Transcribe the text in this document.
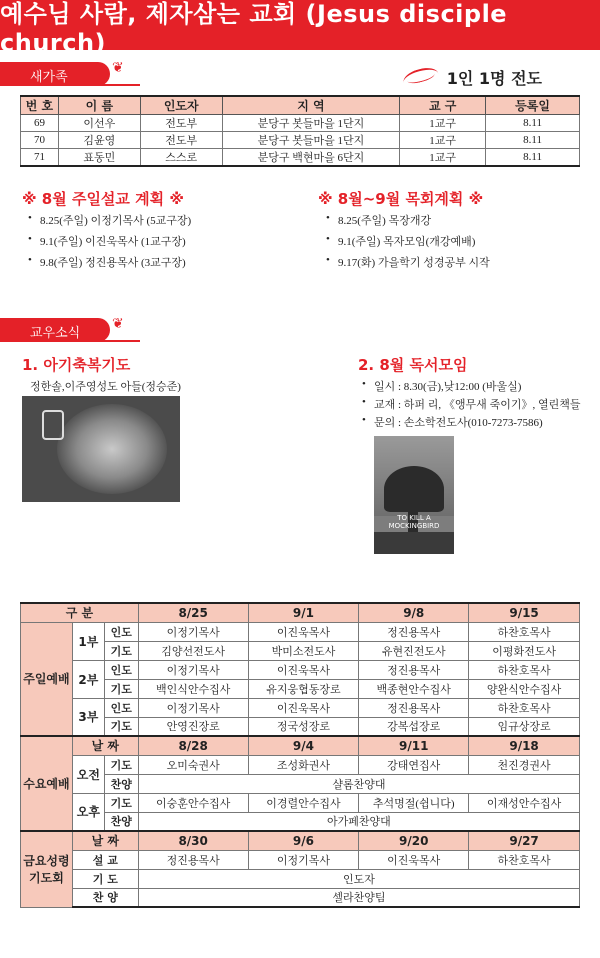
예수님 사람, 제자삼는 교회 (Jesus disciple church)
새가족
❦
1인 1명 전도
번 호	이 름	인도자	지 역	교 구	등록일
69	이선우	전도부	분당구 봇들마을 1단지	1교구	8.11
70	김윤영	전도부	분당구 봇들마을 1단지	1교구	8.11
71	표동민	스스로	분당구 백현마을 6단지	1교구	8.11
※ 8월 주일설교 계획 ※
• 8.25(주일) 이정기목사 (5교구장)
• 9.1(주일) 이진욱목사 (1교구장)
• 9.8(주일) 정진용목사 (3교구장)
※ 8월~9월 목회계획 ※
• 8.25(주일) 목장개강
• 9.1(주일) 목자모임(개강예배)
• 9.17(화) 가을학기 성경공부 시작
교우소식
❦
1. 아기축복기도
정한솔,이주영성도 아들(정승준)
2. 8월 독서모임
• 일시 : 8.30(금),낮12:00 (바울실)
• 교재 : 하퍼 리, 《앵무새 죽이기》, 열린책들
• 문의 : 손소학전도사(010-7273-7586)
TO KILL A MOCKINGBIRD
구 분			8/25	9/1	9/8	9/15
주일예배	1부	인도	이정기목사	이진욱목사	정진용목사	하찬호목사
		기도	김양선전도사	박미소전도사	유현진전도사	이평화전도사
	2부	인도	이정기목사	이진욱목사	정진용목사	하찬호목사
		기도	백인식안수집사	유지웅협동장로	백종현안수집사	양완식안수집사
	3부	인도	이정기목사	이진욱목사	정진용목사	하찬호목사
		기도	안영진장로	정국성장로	강복섭장로	임규상장로
수요예배	날 짜		8/28	9/4	9/11	9/18
	오전	기도	오미숙권사	조성화권사	강태연집사	천진경권사
		찬양	샬롬찬양대			
	오후	기도	이숭훈안수집사	이경렬안수집사	추석명절(쉽니다)	이재성안수집사
		찬양	아가페찬양대			
금요성령기도회	날 짜		8/30	9/6	9/20	9/27
	설 교		정진용목사	이정기목사	이진욱목사	하찬호목사
	기 도		인도자			
	찬 양		셀라찬양팀			
